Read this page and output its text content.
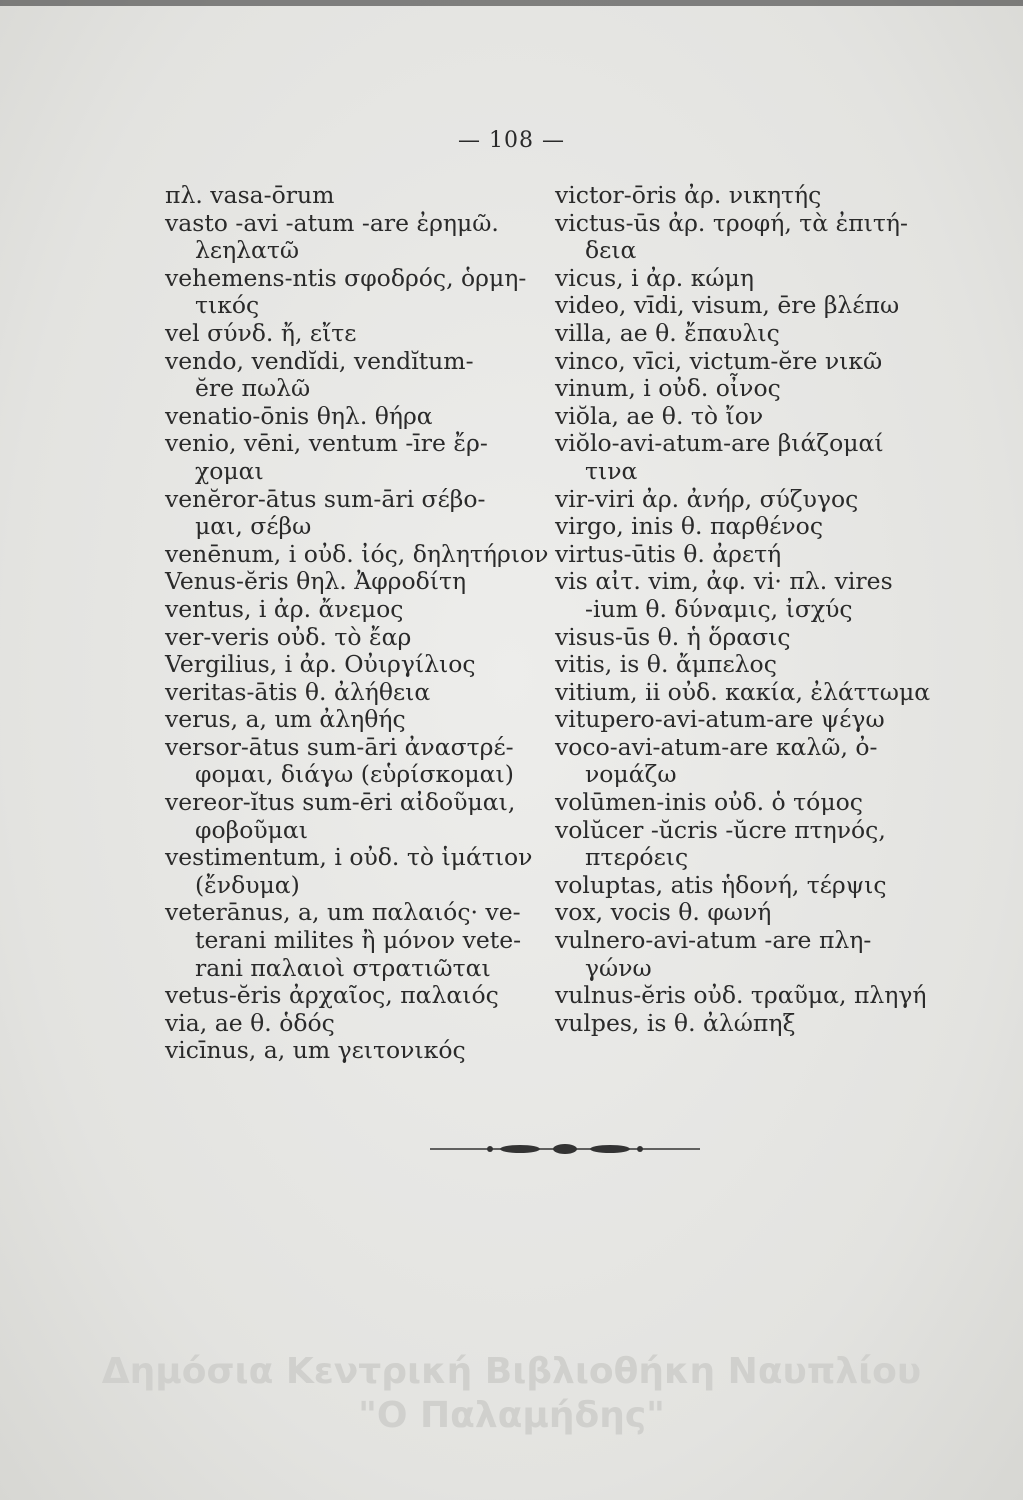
— 108 —
πλ. vasa-ōrum
vasto -avi -atum -are ἐρημῶ.
λεηλατῶ
vehemens-ntis σφοδρός, ὁρμη-
τικός
vel σύνδ. ἤ, εἴτε
vendo, vendĭdi, vendĭtum-
ĕre πωλῶ
venatio-ōnis θηλ. θήρα
venio, vēni, ventum -īre ἔρ-
χομαι
venĕror-ātus sum-āri σέβο-
μαι, σέβω
venēnum, i οὐδ. ἰός, δηλητήριον
Venus-ĕris θηλ. Ἀφροδίτη
ventus, i ἀρ. ἄνεμος
ver-veris οὐδ. τὸ ἔαρ
Vergilius, i ἀρ. Οὐιργίλιος
veritas-ātis θ. ἀλήθεια
verus, a, um ἀληθής
versor-ātus sum-āri ἀναστρέ-
φομαι, διάγω (εὑρίσκομαι)
vereor-ĭtus sum-ēri αἰδοῦμαι,
φοβοῦμαι
vestimentum, i οὐδ. τὸ ἱμάτιον
(ἔνδυμα)
veterānus, a, um παλαιός· ve-
terani milites ἢ μόνον vete-
rani παλαιοὶ στρατιῶται
vetus-ĕris ἀρχαῖος, παλαιός
via, ae θ. ὁδός
vicīnus, a, um γειτονικός
victor-ōris ἀρ. νικητής
victus-ūs ἀρ. τροφή, τὰ ἐπιτή-
δεια
vicus, i ἀρ. κώμη
video, vīdi, visum, ēre βλέπω
villa, ae θ. ἔπαυλις
vinco, vīci, victum-ĕre νικῶ
vinum, i οὐδ. οἶνος
viŏla, ae θ. τὸ ἴον
viŏlo-avi-atum-are βιάζομαί
τινα
vir-viri ἀρ. ἀνήρ, σύζυγος
virgo, inis θ. παρθένος
virtus-ūtis θ. ἀρετή
vis αἰτ. vim, ἀφ. vi· πλ. vires
-ium θ. δύναμις, ἰσχύς
visus-ūs θ. ἡ ὅρασις
vitis, is θ. ἄμπελος
vitium, ii οὐδ. κακία, ἐλάττωμα
vitupero-avi-atum-are ψέγω
voco-avi-atum-are καλῶ, ὀ-
νομάζω
volūmen-inis οὐδ. ὁ τόμος
volŭcer -ŭcris -ŭcre πτηνός,
πτερόεις
voluptas, atis ἡδονή, τέρψις
vox, vocis θ. φωνή
vulnero-avi-atum -are πλη-
γώνω
vulnus-ĕris οὐδ. τραῦμα, πληγή
vulpes, is θ. ἀλώπηξ
Δημόσια Κεντρική Βιβλιοθήκη Ναυπλίου
"Ο Παλαμήδης"
